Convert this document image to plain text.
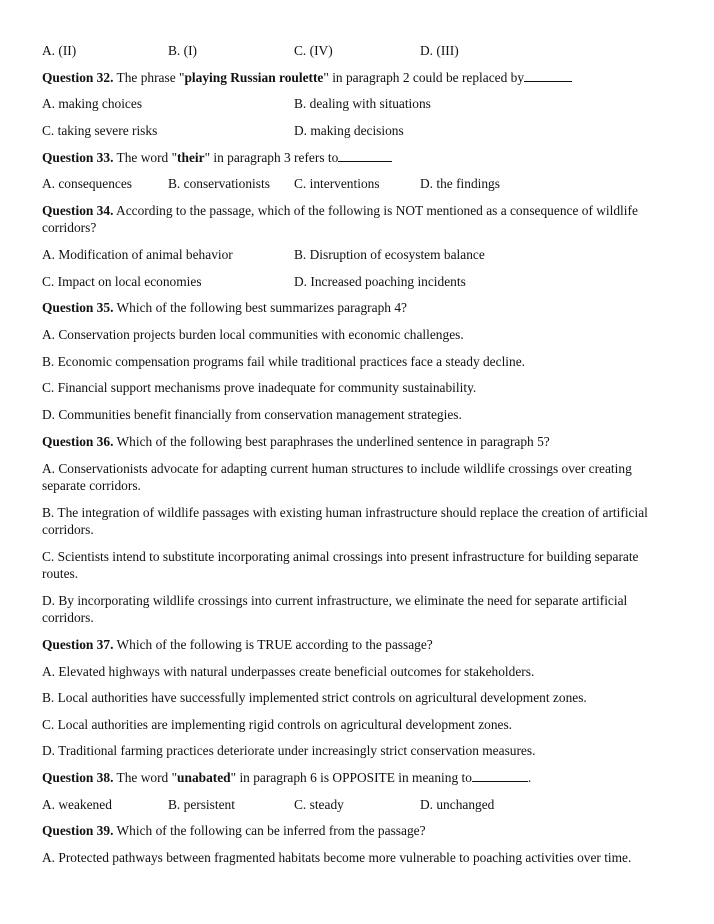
A. (II)	B. (I)	C. (IV)	D. (III)
Question 32. The phrase "playing Russian roulette" in paragraph 2 could be replaced by
A. making choices	B. dealing with situations
C. taking severe risks	D. making decisions
Question 33. The word "their" in paragraph 3 refers to
A. consequences	B. conservationists	C. interventions	D. the findings
Question 34. According to the passage, which of the following is NOT mentioned as a consequence of wildlife corridors?
A. Modification of animal behavior	B. Disruption of ecosystem balance
C. Impact on local economies	D. Increased poaching incidents
Question 35. Which of the following best summarizes paragraph 4?
A. Conservation projects burden local communities with economic challenges.
B. Economic compensation programs fail while traditional practices face a steady decline.
C. Financial support mechanisms prove inadequate for community sustainability.
D. Communities benefit financially from conservation management strategies.
Question 36. Which of the following best paraphrases the underlined sentence in paragraph 5?
A. Conservationists advocate for adapting current human structures to include wildlife crossings over creating separate corridors.
B. The integration of wildlife passages with existing human infrastructure should replace the creation of artificial corridors.
C. Scientists intend to substitute incorporating animal crossings into present infrastructure for building separate routes.
D. By incorporating wildlife crossings into current infrastructure, we eliminate the need for separate artificial corridors.
Question 37. Which of the following is TRUE according to the passage?
A. Elevated highways with natural underpasses create beneficial outcomes for stakeholders.
B. Local authorities have successfully implemented strict controls on agricultural development zones.
C. Local authorities are implementing rigid controls on agricultural development zones.
D. Traditional farming practices deteriorate under increasingly strict conservation measures.
Question 38. The word "unabated" in paragraph 6 is OPPOSITE in meaning to	.
A. weakened	B. persistent	C. steady	D. unchanged
Question 39. Which of the following can be inferred from the passage?
A. Protected pathways between fragmented habitats become more vulnerable to poaching activities over time.
